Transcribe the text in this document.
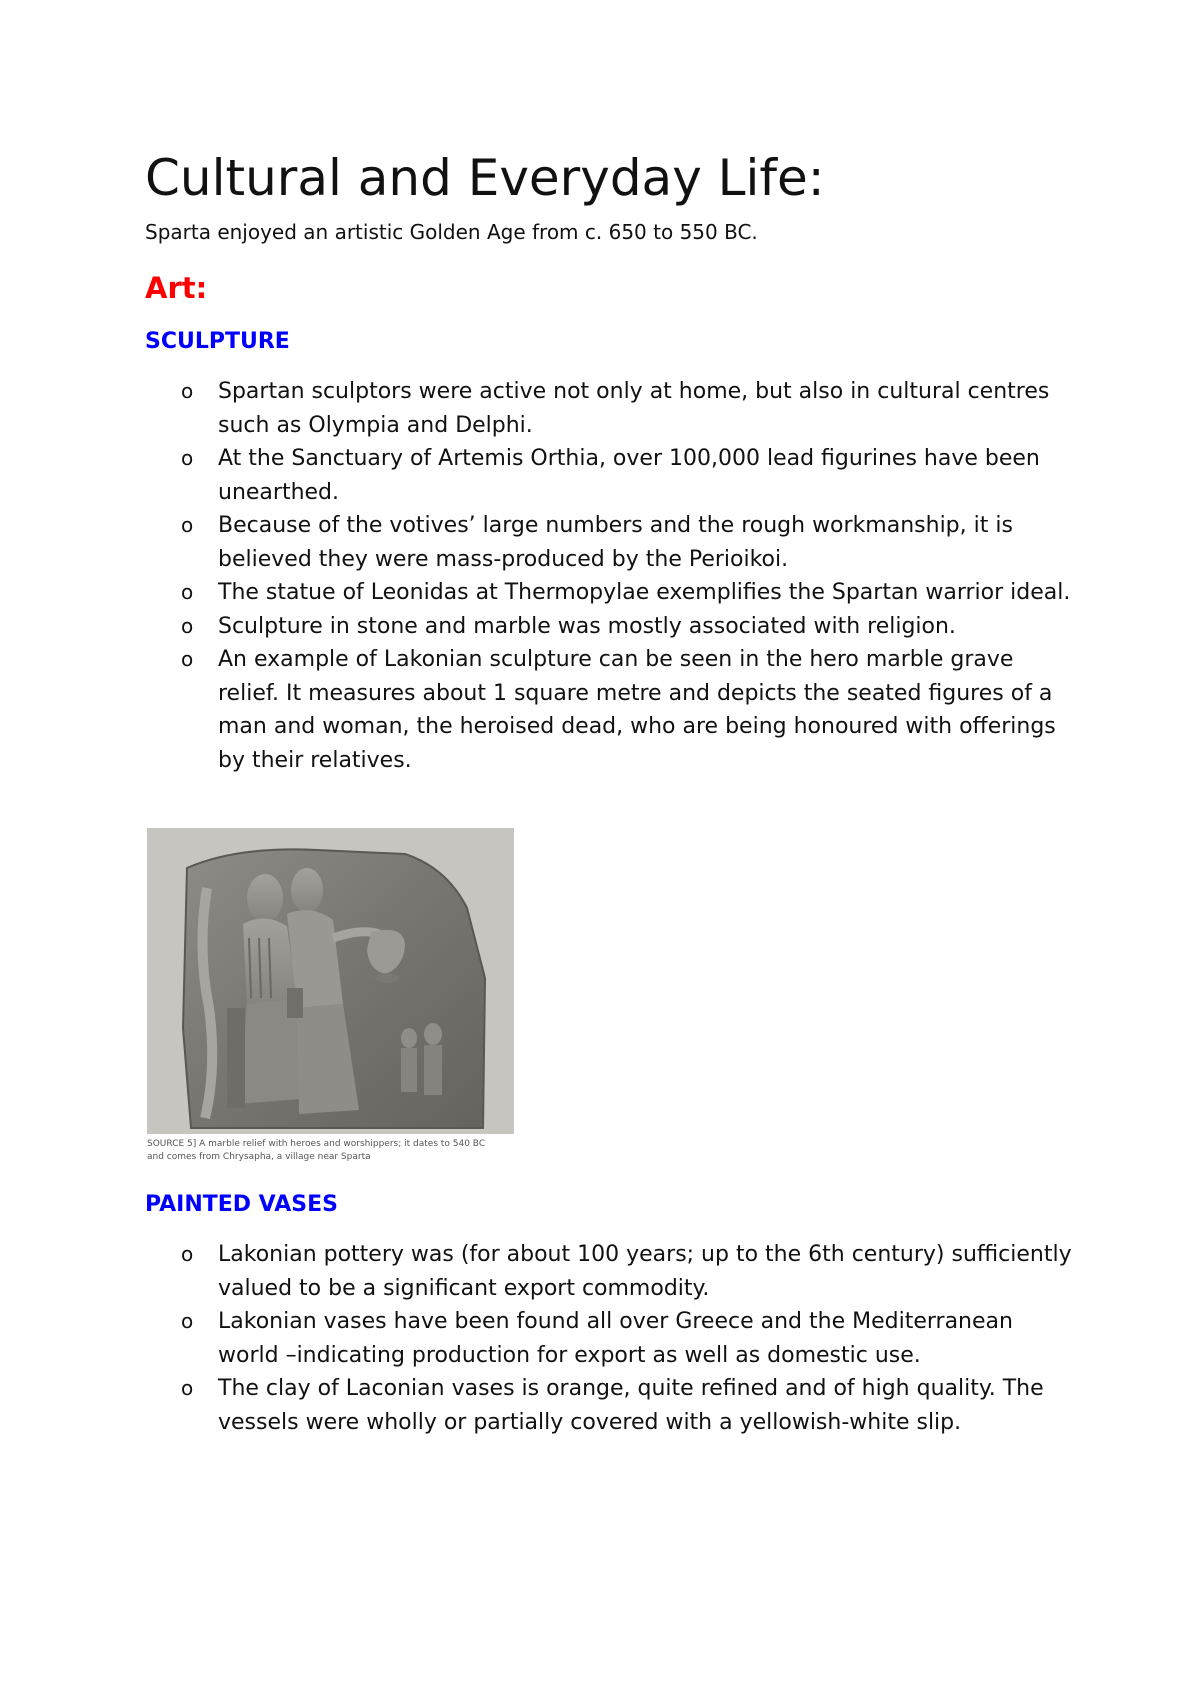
Cultural and Everyday Life:

Sparta enjoyed an artistic Golden Age from c. 650 to 550 BC.

Art:
SCULPTURE
o Spartan sculptors were active not only at home, but also in cultural centres such as Olympia and Delphi.
o At the Sanctuary of Artemis Orthia, over 100,000 lead figurines have been unearthed.
o Because of the votives’ large numbers and the rough workmanship, it is believed they were mass-produced by the Perioikoi.
o The statue of Leonidas at Thermopylae exemplifies the Spartan warrior ideal.
o Sculpture in stone and marble was mostly associated with religion.
o An example of Lakonian sculpture can be seen in the hero marble grave relief. It measures about 1 square metre and depicts the seated figures of a man and woman, the heroised dead, who are being honoured with offerings by their relatives.

SOURCE 5] A marble relief with heroes and worshippers; it dates to 540 BC and comes from Chrysapha, a village near Sparta

PAINTED VASES
o Lakonian pottery was (for about 100 years; up to the 6th century) sufficiently valued to be a significant export commodity.
o Lakonian vases have been found all over Greece and the Mediterranean world –indicating production for export as well as domestic use.
o The clay of Laconian vases is orange, quite refined and of high quality. The vessels were wholly or partially covered with a yellowish-white slip.
